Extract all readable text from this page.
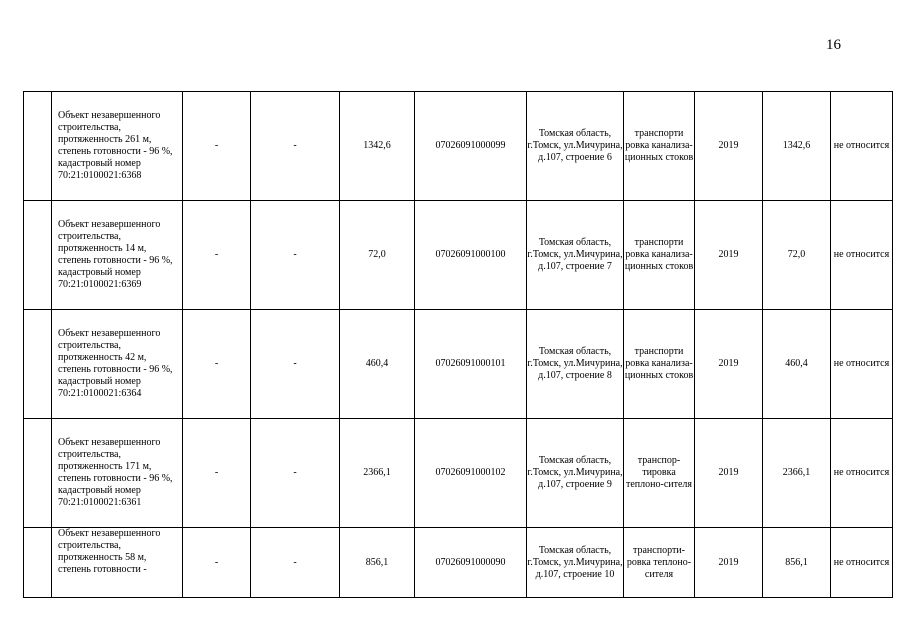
16

	Объект незавершенного строительства, протяженность 261 м, степень готовности - 96 %, кадастровый номер 70:21:0100021:6368	-	-	1342,6	07026091000099	Томская область, г.Томск, ул.Мичурина, д.107, строение 6	транспорти ровка канализа-ционных стоков	2019	1342,6	не относится

	Объект незавершенного строительства, протяженность 14 м, степень готовности - 96 %, кадастровый номер 70:21:0100021:6369	-	-	72,0	07026091000100	Томская область, г.Томск, ул.Мичурина, д.107, строение 7	транспорти ровка канализа-ционных стоков	2019	72,0	не относится

	Объект незавершенного строительства, протяженность 42 м, степень готовности - 96 %, кадастровый номер 70:21:0100021:6364	-	-	460,4	07026091000101	Томская область, г.Томск, ул.Мичурина, д.107, строение 8	транспорти ровка канализа-ционных стоков	2019	460,4	не относится

	Объект незавершенного строительства, протяженность 171 м, степень готовности - 96 %, кадастровый номер 70:21:0100021:6361	-	-	2366,1	07026091000102	Томская область, г.Томск, ул.Мичурина, д.107, строение 9	транспор-тировка теплоно-сителя	2019	2366,1	не относится

	Объект незавершенного строительства, протяженность 58 м, степень готовности -	-	-	856,1	07026091000090	Томская область, г.Томск, ул.Мичурина, д.107, строение 10	транспорти-ровка теплоно-сителя	2019	856,1	не относится
